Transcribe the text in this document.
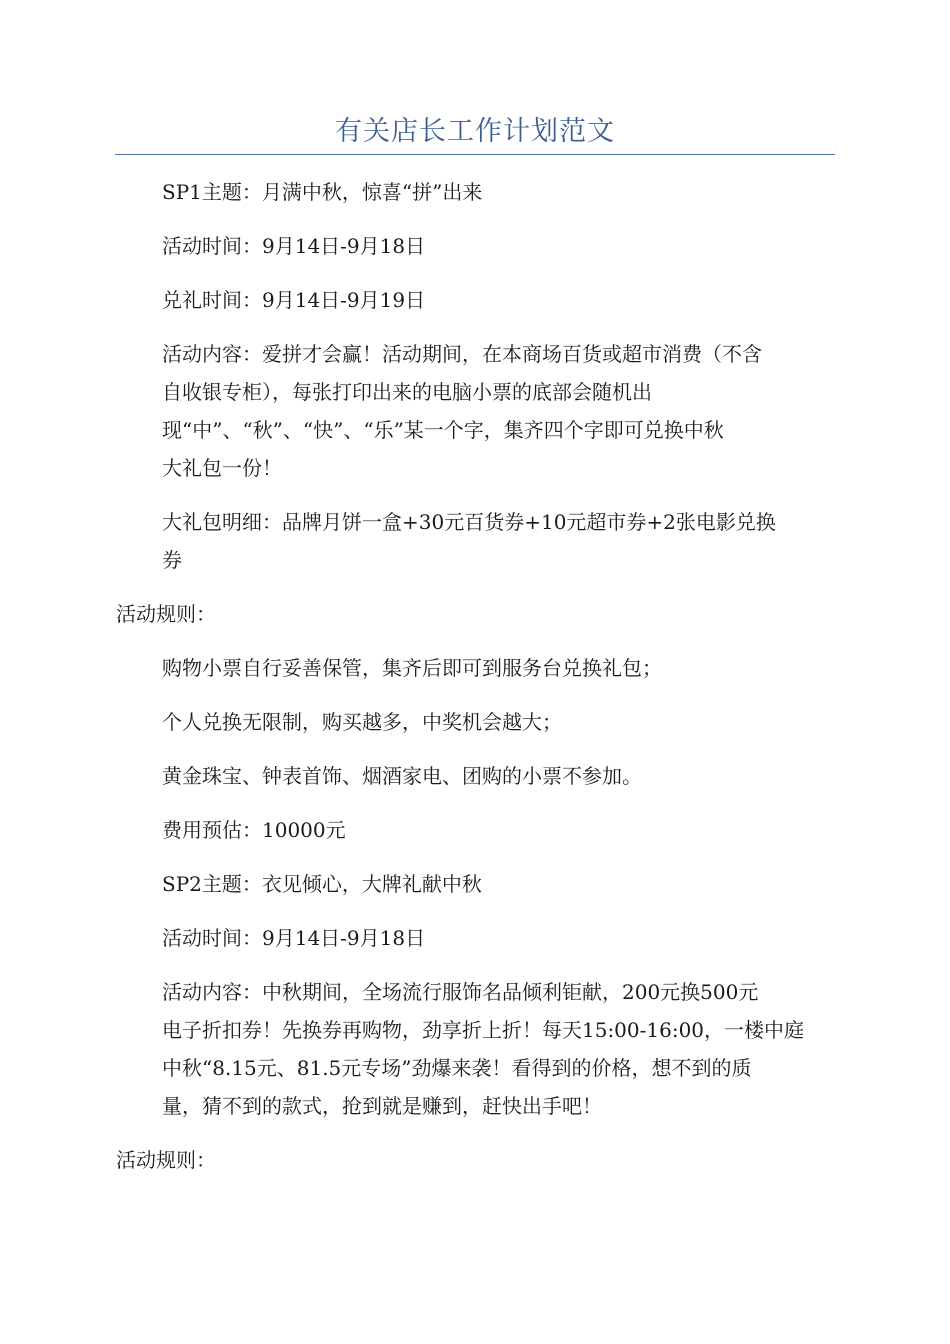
有关店长工作计划范文
SP1主题：月满中秋，惊喜“拼”出来
活动时间：9月14日-9月18日
兑礼时间：9月14日-9月19日
活动内容：爱拼才会赢！活动期间，在本商场百货或超市消费（不含
自收银专柜），每张打印出来的电脑小票的底部会随机出
现“中”、“秋”、“快”、“乐”某一个字，集齐四个字即可兑换中秋
大礼包一份！
大礼包明细：品牌月饼一盒+30元百货券+10元超市券+2张电影兑换
券
活动规则：
购物小票自行妥善保管，集齐后即可到服务台兑换礼包；
个人兑换无限制，购买越多，中奖机会越大；
黄金珠宝、钟表首饰、烟酒家电、团购的小票不参加。
费用预估：10000元
SP2主题：衣见倾心，大牌礼献中秋
活动时间：9月14日-9月18日
活动内容：中秋期间，全场流行服饰名品倾利钜献，200元换500元
电子折扣券！先换券再购物，劲享折上折！每天15:00-16:00，一楼中庭
中秋“8.15元、81.5元专场”劲爆来袭！看得到的价格，想不到的质
量，猜不到的款式，抢到就是赚到，赶快出手吧！
活动规则：
